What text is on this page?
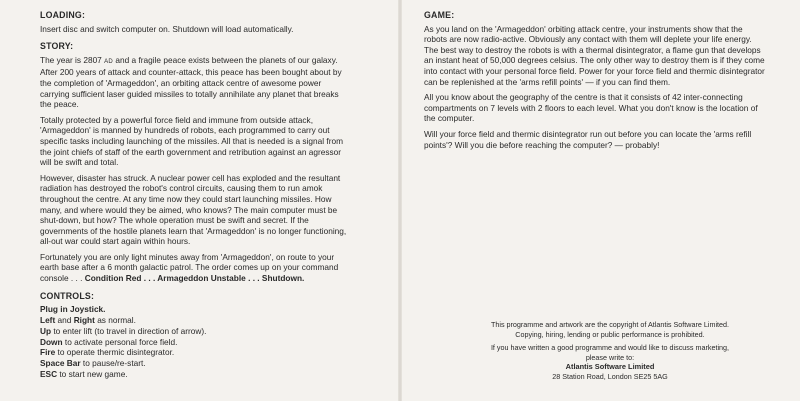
LOADING:

Insert disc and switch computer on. Shutdown will load automatically.

STORY:

The year is 2807 AD and a fragile peace exists between the planets of our galaxy. After 200 years of attack and counter-attack, this peace has been bought about by the completion of 'Armageddon', an orbiting attack centre of awesome power carrying sufficient laser guided missiles to totally annihilate any planet that breaks the peace.

Totally protected by a powerful force field and immune from outside attack, 'Armageddon' is manned by hundreds of robots, each programmed to carry out specific tasks including launching of the missiles. All that is needed is a signal from the joint chiefs of staff of the earth government and retribution against an agressor will be swift and total.

However, disaster has struck. A nuclear power cell has exploded and the resultant radiation has destroyed the robot's control circuits, causing them to run amok throughout the centre. At any time now they could start launching missiles. How many, and where would they be aimed, who knows? The main computer must be shut-down, but how? The whole operation must be swift and secret. If the governments of the hostile planets learn that 'Armageddon' is no longer functioning, all-out war could start again within hours.

Fortunately you are only light minutes away from 'Armageddon', on route to your earth base after a 6 month galactic patrol. The order comes up on your command console . . . Condition Red . . . Armageddon Unstable . . . Shutdown.

CONTROLS:
Plug in Joystick.
Left and Right as normal.
Up to enter lift (to travel in direction of arrow).
Down to activate personal force field.
Fire to operate thermic disintegrator.
Space Bar to pause/re-start.
ESC to start new game.
GAME:

As you land on the 'Armageddon' orbiting attack centre, your instruments show that the robots are now radio-active. Obviously any contact with them will deplete your life energy. The best way to destroy the robots is with a thermal disintegrator, a flame gun that develops an instant heat of 50,000 degrees celsius. The only other way to destroy them is if they come into contact with your personal force field. Power for your force field and thermic disintegrator can be replenished at the 'arms refill points' — if you can find them.

All you know about the geography of the centre is that it consists of 42 inter-connecting compartments on 7 levels with 2 floors to each level. What you don't know is the location of the computer.

Will your force field and thermic disintegrator run out before you can locate the 'arms refill points'? Will you die before reaching the computer? — probably!

This programme and artwork are the copyright of Atlantis Software Limited.
Copying, hiring, lending or public performance is prohibited.
If you have written a good programme and would like to discuss marketing,
please write to:
Atlantis Software Limited
28 Station Road, London SE25 5AG
